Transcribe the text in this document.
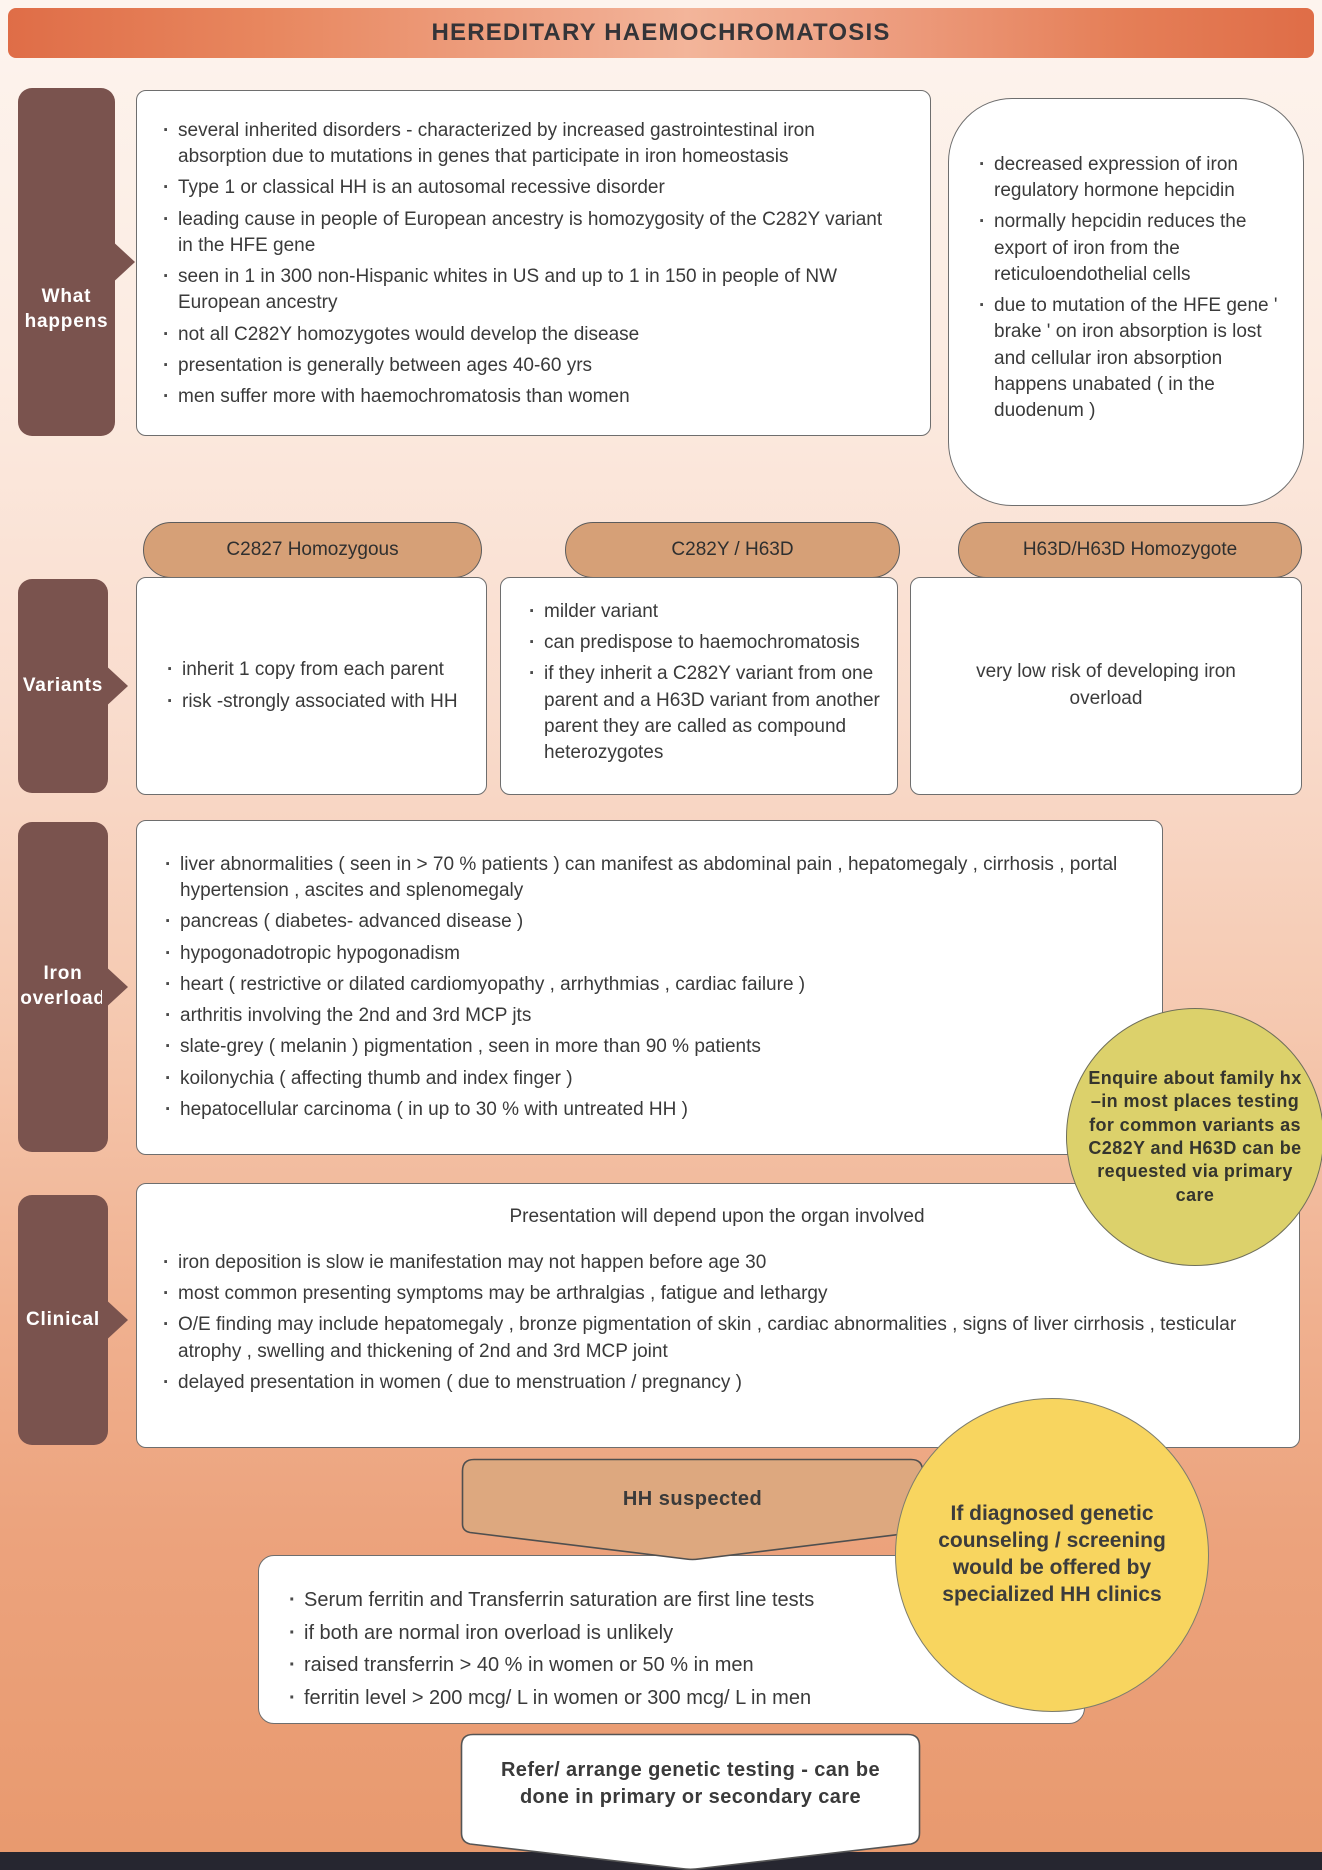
HEREDITARY HAEMOCHROMATOSIS
What happens
· several inherited disorders - characterized by increased gastrointestinal iron absorption due to mutations in genes that participate in iron homeostasis
· Type 1 or classical HH is an autosomal recessive disorder
· leading cause in people of European ancestry is homozygosity of the C282Y variant in the HFE gene
· seen in 1 in 300 non-Hispanic whites in US and up to 1 in 150 in people of NW European ancestry
· not all C282Y homozygotes would develop the disease
· presentation is generally between ages 40-60 yrs
· men suffer more with haemochromatosis than women
· decreased expression of iron regulatory hormone hepcidin
· normally hepcidin reduces the export of iron from the reticuloendothelial cells
· due to mutation of the HFE gene ' brake ' on iron absorption is lost and cellular iron absorption happens unabated ( in the duodenum )
C2827 Homozygous	C282Y / H63D	H63D/H63D Homozygote
Variants
· inherit 1 copy from each parent
· risk -strongly associated with HH
· milder variant
· can predispose to haemochromatosis
· if they inherit a C282Y variant from one parent and a H63D variant from another parent they are called as compound heterozygotes
very low risk of developing iron overload
Iron overload
· liver abnormalities ( seen in > 70 % patients ) can manifest as abdominal pain , hepatomegaly , cirrhosis , portal hypertension , ascites and splenomegaly
· pancreas ( diabetes- advanced disease )
· hypogonadotropic hypogonadism
· heart ( restrictive or dilated cardiomyopathy , arrhythmias , cardiac failure )
· arthritis involving the 2nd and 3rd MCP jts
· slate-grey ( melanin ) pigmentation , seen in more than 90 % patients
· koilonychia ( affecting thumb and index finger )
· hepatocellular carcinoma ( in up to 30 % with untreated HH )
Enquire about family hx –in most places testing for common variants as C282Y and H63D can be requested via primary care
Clinical
Presentation will depend upon the organ involved
· iron deposition is slow ie manifestation may not happen before age 30
· most common presenting symptoms may be arthralgias , fatigue and lethargy
· O/E finding may include hepatomegaly , bronze pigmentation of skin , cardiac abnormalities , signs of liver cirrhosis , testicular atrophy , swelling and thickening of 2nd and 3rd MCP joint
· delayed presentation in women ( due to menstruation / pregnancy )
HH suspected
If diagnosed genetic counseling / screening would be offered by specialized HH clinics
· Serum ferritin and Transferrin saturation are first line tests
· if both are normal iron overload is unlikely
· raised transferrin > 40 % in women or 50 % in men
· ferritin level > 200 mcg/ L in women or 300 mcg/ L in men
Refer/ arrange genetic testing - can be done in primary or secondary care
